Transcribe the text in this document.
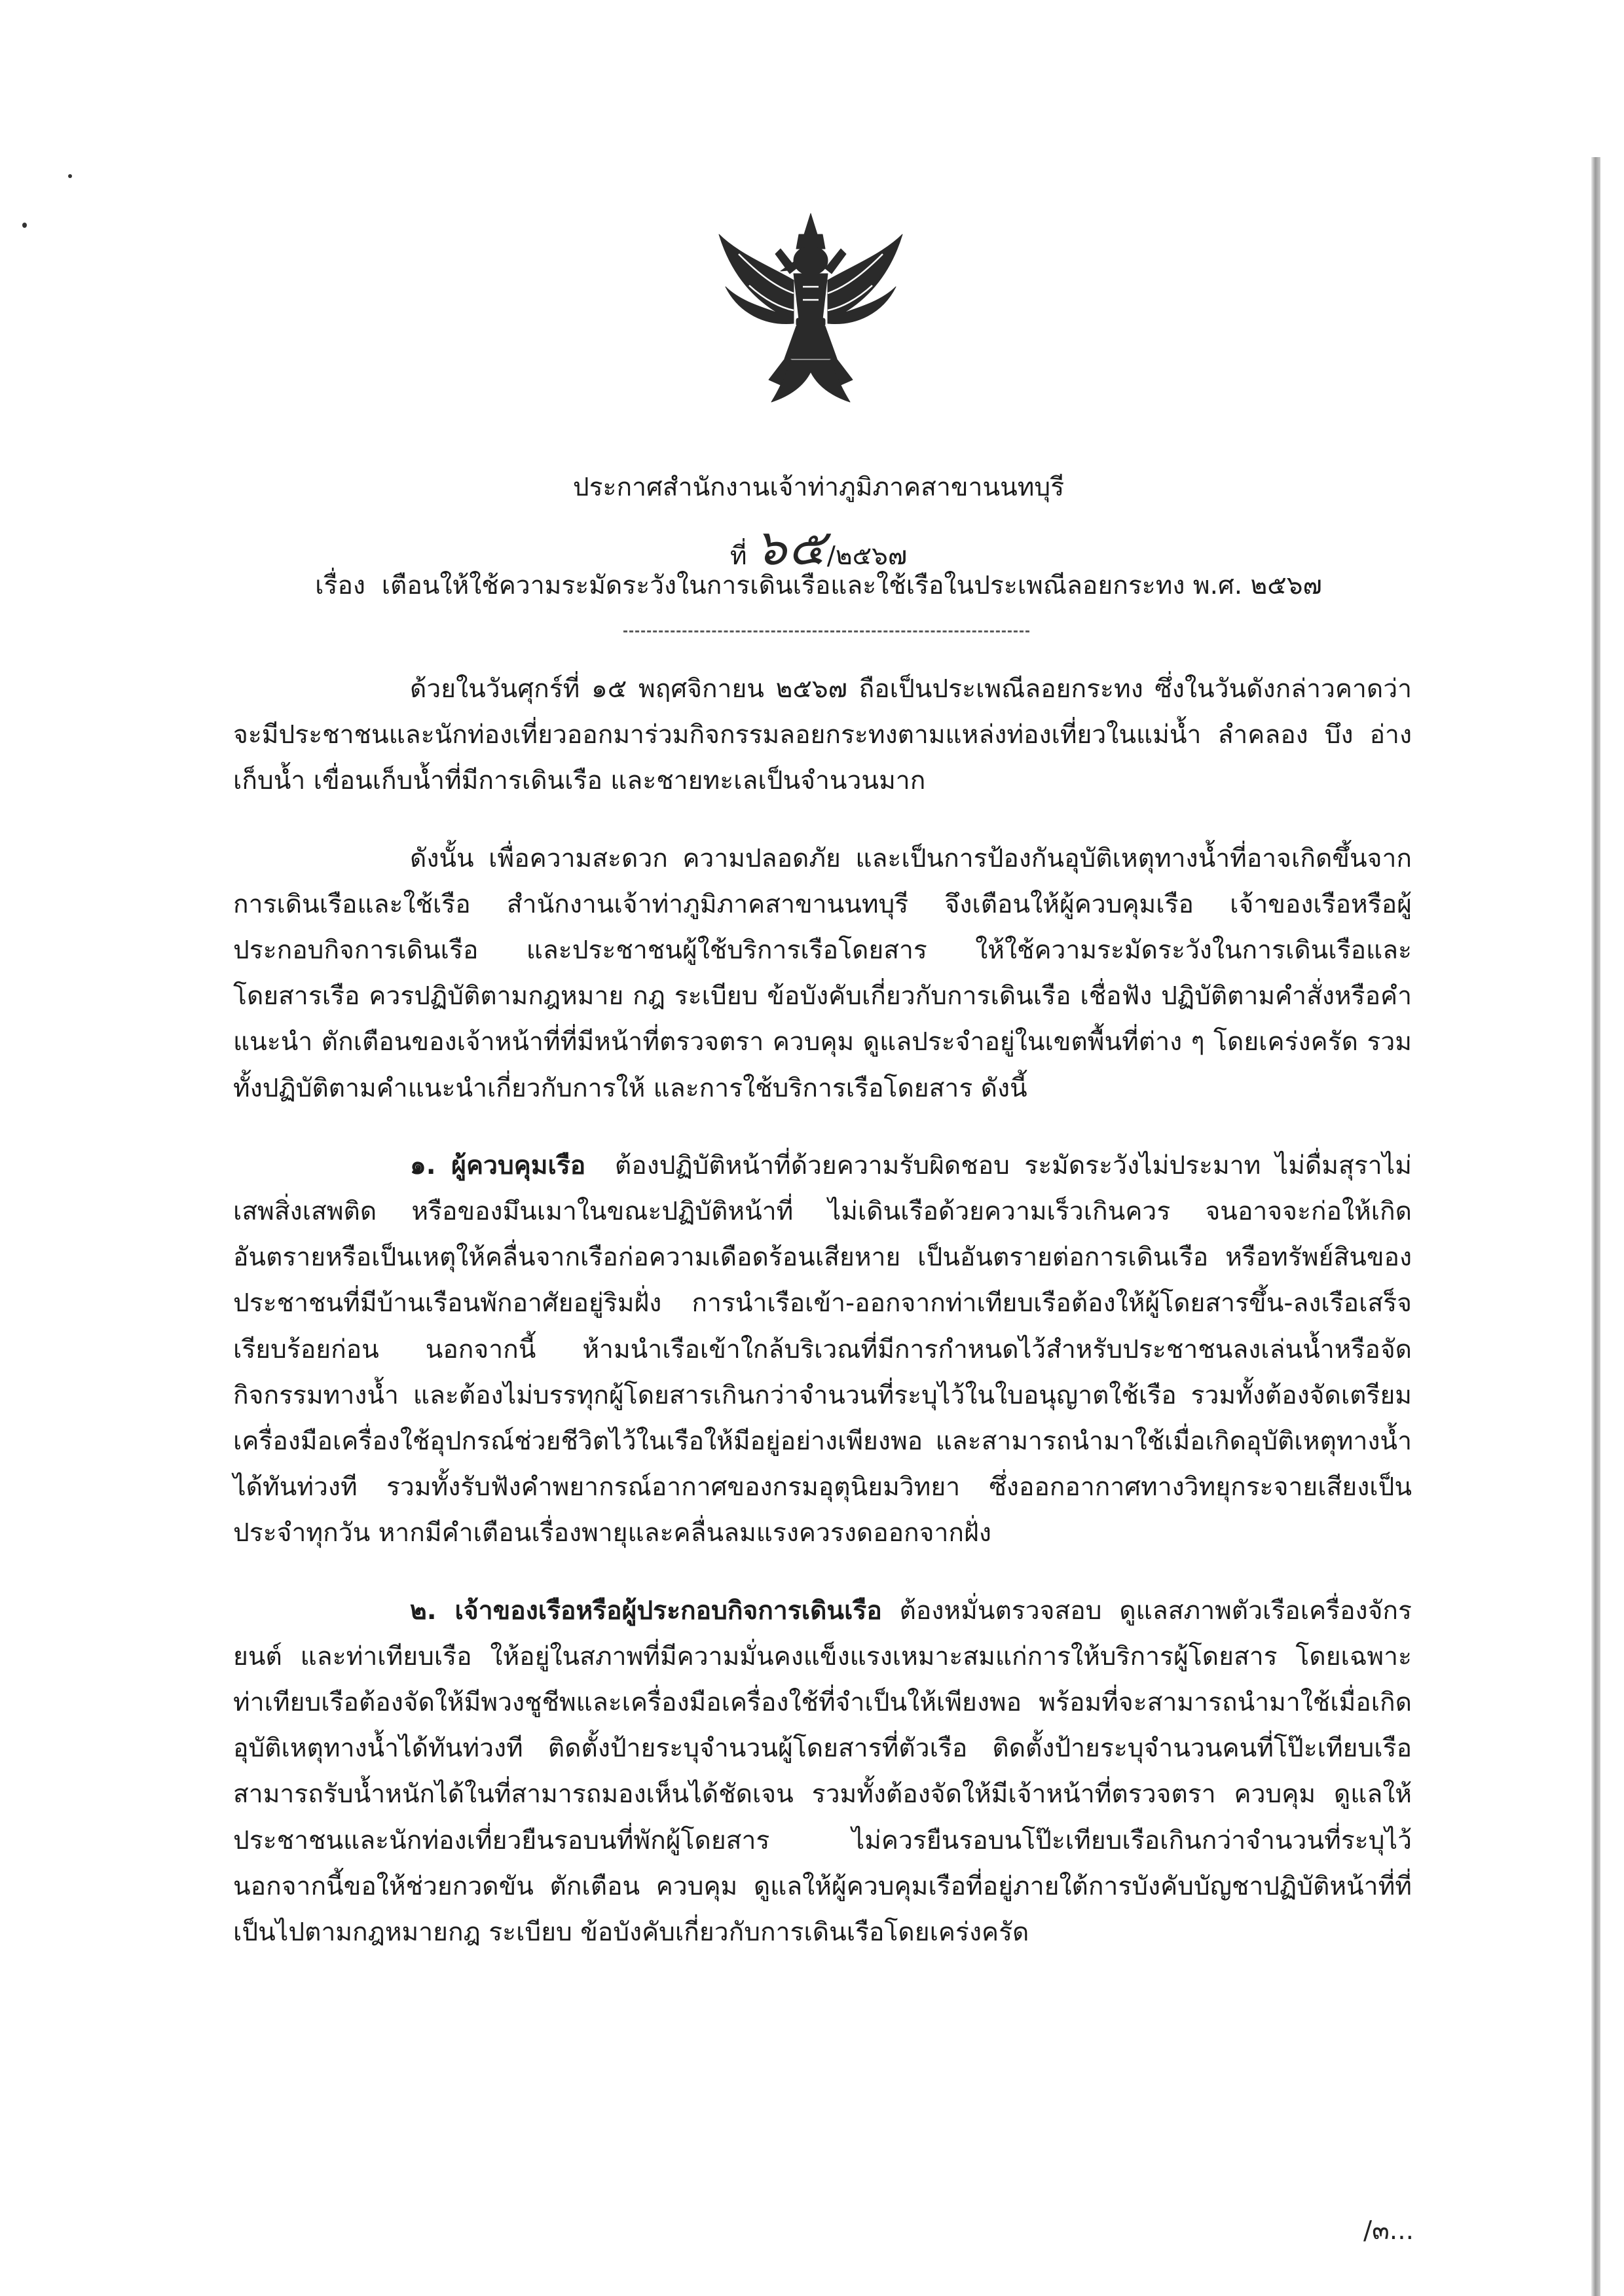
ประกาศสำนักงานเจ้าท่าภูมิภาคสาขานนทบุรี
ที่ ๖๕/๒๕๖๗
เรื่อง เตือนให้ใช้ความระมัดระวังในการเดินเรือและใช้เรือในประเพณีลอยกระทง พ.ศ. ๒๕๖๗

ด้วยในวันศุกร์ที่ ๑๕ พฤศจิกายน ๒๕๖๗ ถือเป็นประเพณีลอยกระทง ซึ่งในวันดังกล่าวคาดว่าจะมีประชาชนและนักท่องเที่ยวออกมาร่วมกิจกรรมลอยกระทงตามแหล่งท่องเที่ยวในแม่น้ำ ลำคลอง บึง อ่างเก็บน้ำ เขื่อนเก็บน้ำที่มีการเดินเรือ และชายทะเลเป็นจำนวนมาก

ดังนั้น เพื่อความสะดวก ความปลอดภัย และเป็นการป้องกันอุบัติเหตุทางน้ำที่อาจเกิดขึ้นจากการเดินเรือและใช้เรือ สำนักงานเจ้าท่าภูมิภาคสาขานนทบุรี จึงเตือนให้ผู้ควบคุมเรือ เจ้าของเรือหรือผู้ประกอบกิจการเดินเรือ และประชาชนผู้ใช้บริการเรือโดยสาร ให้ใช้ความระมัดระวังในการเดินเรือและโดยสารเรือ ควรปฏิบัติตามกฎหมาย กฎ ระเบียบ ข้อบังคับเกี่ยวกับการเดินเรือ เชื่อฟัง ปฏิบัติตามคำสั่งหรือคำแนะนำ ตักเตือนของเจ้าหน้าที่ที่มีหน้าที่ตรวจตรา ควบคุม ดูแลประจำอยู่ในเขตพื้นที่ต่าง ๆ โดยเคร่งครัด รวมทั้งปฏิบัติตามคำแนะนำเกี่ยวกับการให้ และการใช้บริการเรือโดยสาร ดังนี้

๑. ผู้ควบคุมเรือ ต้องปฏิบัติหน้าที่ด้วยความรับผิดชอบ ระมัดระวังไม่ประมาท ไม่ดื่มสุราไม่เสพสิ่งเสพติด หรือของมึนเมาในขณะปฏิบัติหน้าที่ ไม่เดินเรือด้วยความเร็วเกินควร จนอาจจะก่อให้เกิดอันตรายหรือเป็นเหตุให้คลื่นจากเรือก่อความเดือดร้อนเสียหาย เป็นอันตรายต่อการเดินเรือ หรือทรัพย์สินของประชาชนที่มีบ้านเรือนพักอาศัยอยู่ริมฝั่ง การนำเรือเข้า-ออกจากท่าเทียบเรือต้องให้ผู้โดยสารขึ้น-ลงเรือเสร็จเรียบร้อยก่อน นอกจากนี้ ห้ามนำเรือเข้าใกล้บริเวณที่มีการกำหนดไว้สำหรับประชาชนลงเล่นน้ำหรือจัดกิจกรรมทางน้ำ และต้องไม่บรรทุกผู้โดยสารเกินกว่าจำนวนที่ระบุไว้ในใบอนุญาตใช้เรือ รวมทั้งต้องจัดเตรียมเครื่องมือเครื่องใช้อุปกรณ์ช่วยชีวิตไว้ในเรือให้มีอยู่อย่างเพียงพอ และสามารถนำมาใช้เมื่อเกิดอุบัติเหตุทางน้ำได้ทันท่วงที รวมทั้งรับฟังคำพยากรณ์อากาศของกรมอุตุนิยมวิทยา ซึ่งออกอากาศทางวิทยุกระจายเสียงเป็นประจำทุกวัน หากมีคำเตือนเรื่องพายุและคลื่นลมแรงควรงดออกจากฝั่ง

๒. เจ้าของเรือหรือผู้ประกอบกิจการเดินเรือ ต้องหมั่นตรวจสอบ ดูแลสภาพตัวเรือเครื่องจักรยนต์ และท่าเทียบเรือ ให้อยู่ในสภาพที่มีความมั่นคงแข็งแรงเหมาะสมแก่การให้บริการผู้โดยสาร โดยเฉพาะท่าเทียบเรือต้องจัดให้มีพวงชูชีพและเครื่องมือเครื่องใช้ที่จำเป็นให้เพียงพอ พร้อมที่จะสามารถนำมาใช้เมื่อเกิดอุบัติเหตุทางน้ำได้ทันท่วงที ติดตั้งป้ายระบุจำนวนผู้โดยสารที่ตัวเรือ ติดตั้งป้ายระบุจำนวนคนที่โป๊ะเทียบเรือสามารถรับน้ำหนักได้ในที่สามารถมองเห็นได้ชัดเจน รวมทั้งต้องจัดให้มีเจ้าหน้าที่ตรวจตรา ควบคุม ดูแลให้ประชาชนและนักท่องเที่ยวยืนรอบนที่พักผู้โดยสาร ไม่ควรยืนรอบนโป๊ะเทียบเรือเกินกว่าจำนวนที่ระบุไว้ นอกจากนี้ขอให้ช่วยกวดขัน ตักเตือน ควบคุม ดูแลให้ผู้ควบคุมเรือที่อยู่ภายใต้การบังคับบัญชาปฏิบัติหน้าที่ที่เป็นไปตามกฎหมายกฎ ระเบียบ ข้อบังคับเกี่ยวกับการเดินเรือโดยเคร่งครัด

/๓...
